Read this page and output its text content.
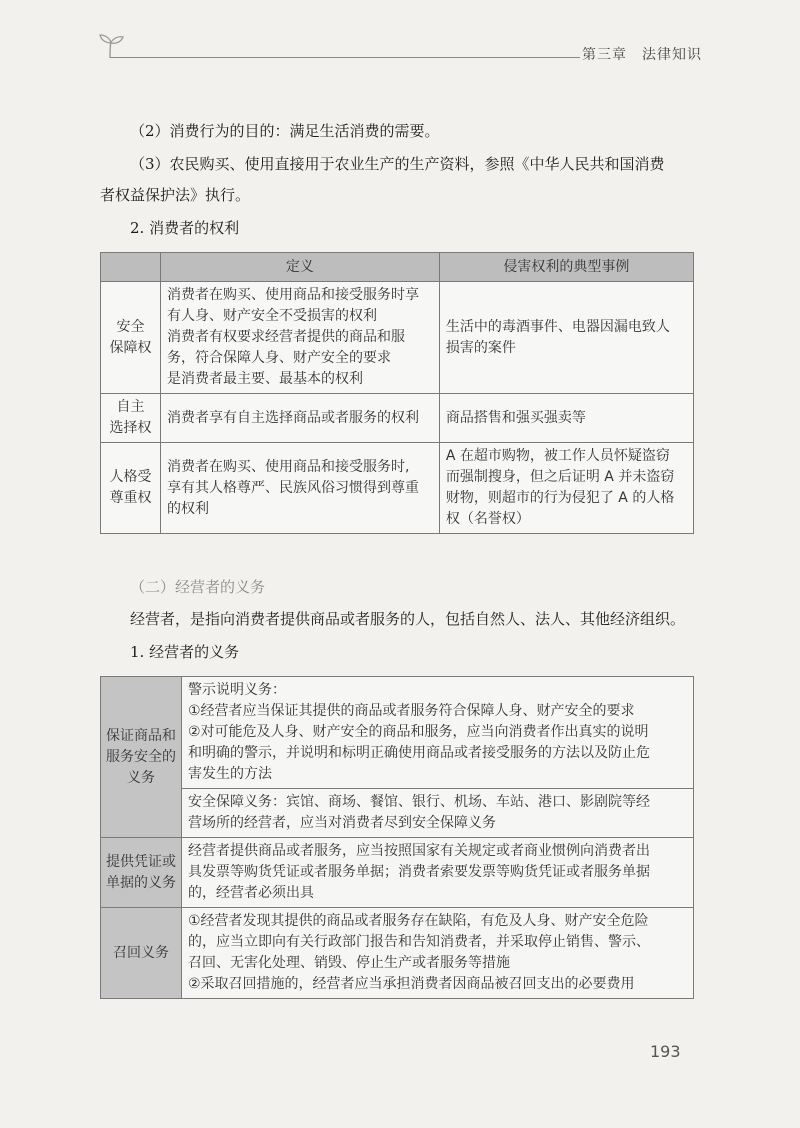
第三章　法律知识

（2）消费行为的目的：满足生活消费的需要。

（3）农民购买、使用直接用于农业生产的生产资料，参照《中华人民共和国消费

者权益保护法》执行。

2. 消费者的权利

	定义	侵害权利的典型事例

安全
保障权	消费者在购买、使用商品和接受服务时享
有人身、财产安全不受损害的权利
消费者有权要求经营者提供的商品和服
务，符合保障人身、财产安全的要求
是消费者最主要、最基本的权利	生活中的毒酒事件、电器因漏电致人
损害的案件

自主
选择权	消费者享有自主选择商品或者服务的权利	商品搭售和强买强卖等

人格受
尊重权	消费者在购买、使用商品和接受服务时,
享有其人格尊严、民族风俗习惯得到尊重
的权利	A 在超市购物，被工作人员怀疑盗窃
而强制搜身，但之后证明 A 并未盗窃
财物，则超市的行为侵犯了 A 的人格
权（名誉权）

（二）经营者的义务

经营者，是指向消费者提供商品或者服务的人，包括自然人、法人、其他经济组织。

1. 经营者的义务

保证商品和
服务安全的
义务	警示说明义务：
①经营者应当保证其提供的商品或者服务符合保障人身、财产安全的要求
②对可能危及人身、财产安全的商品和服务，应当向消费者作出真实的说明
和明确的警示，并说明和标明正确使用商品或者接受服务的方法以及防止危
害发生的方法

	安全保障义务：宾馆、商场、餐馆、银行、机场、车站、港口、影剧院等经
营场所的经营者，应当对消费者尽到安全保障义务

提供凭证或
单据的义务	经营者提供商品或者服务，应当按照国家有关规定或者商业惯例向消费者出
具发票等购货凭证或者服务单据；消费者索要发票等购货凭证或者服务单据
的，经营者必须出具

召回义务	①经营者发现其提供的商品或者服务存在缺陷，有危及人身、财产安全危险
的，应当立即向有关行政部门报告和告知消费者，并采取停止销售、警示、
召回、无害化处理、销毁、停止生产或者服务等措施
②采取召回措施的，经营者应当承担消费者因商品被召回支出的必要费用

193
